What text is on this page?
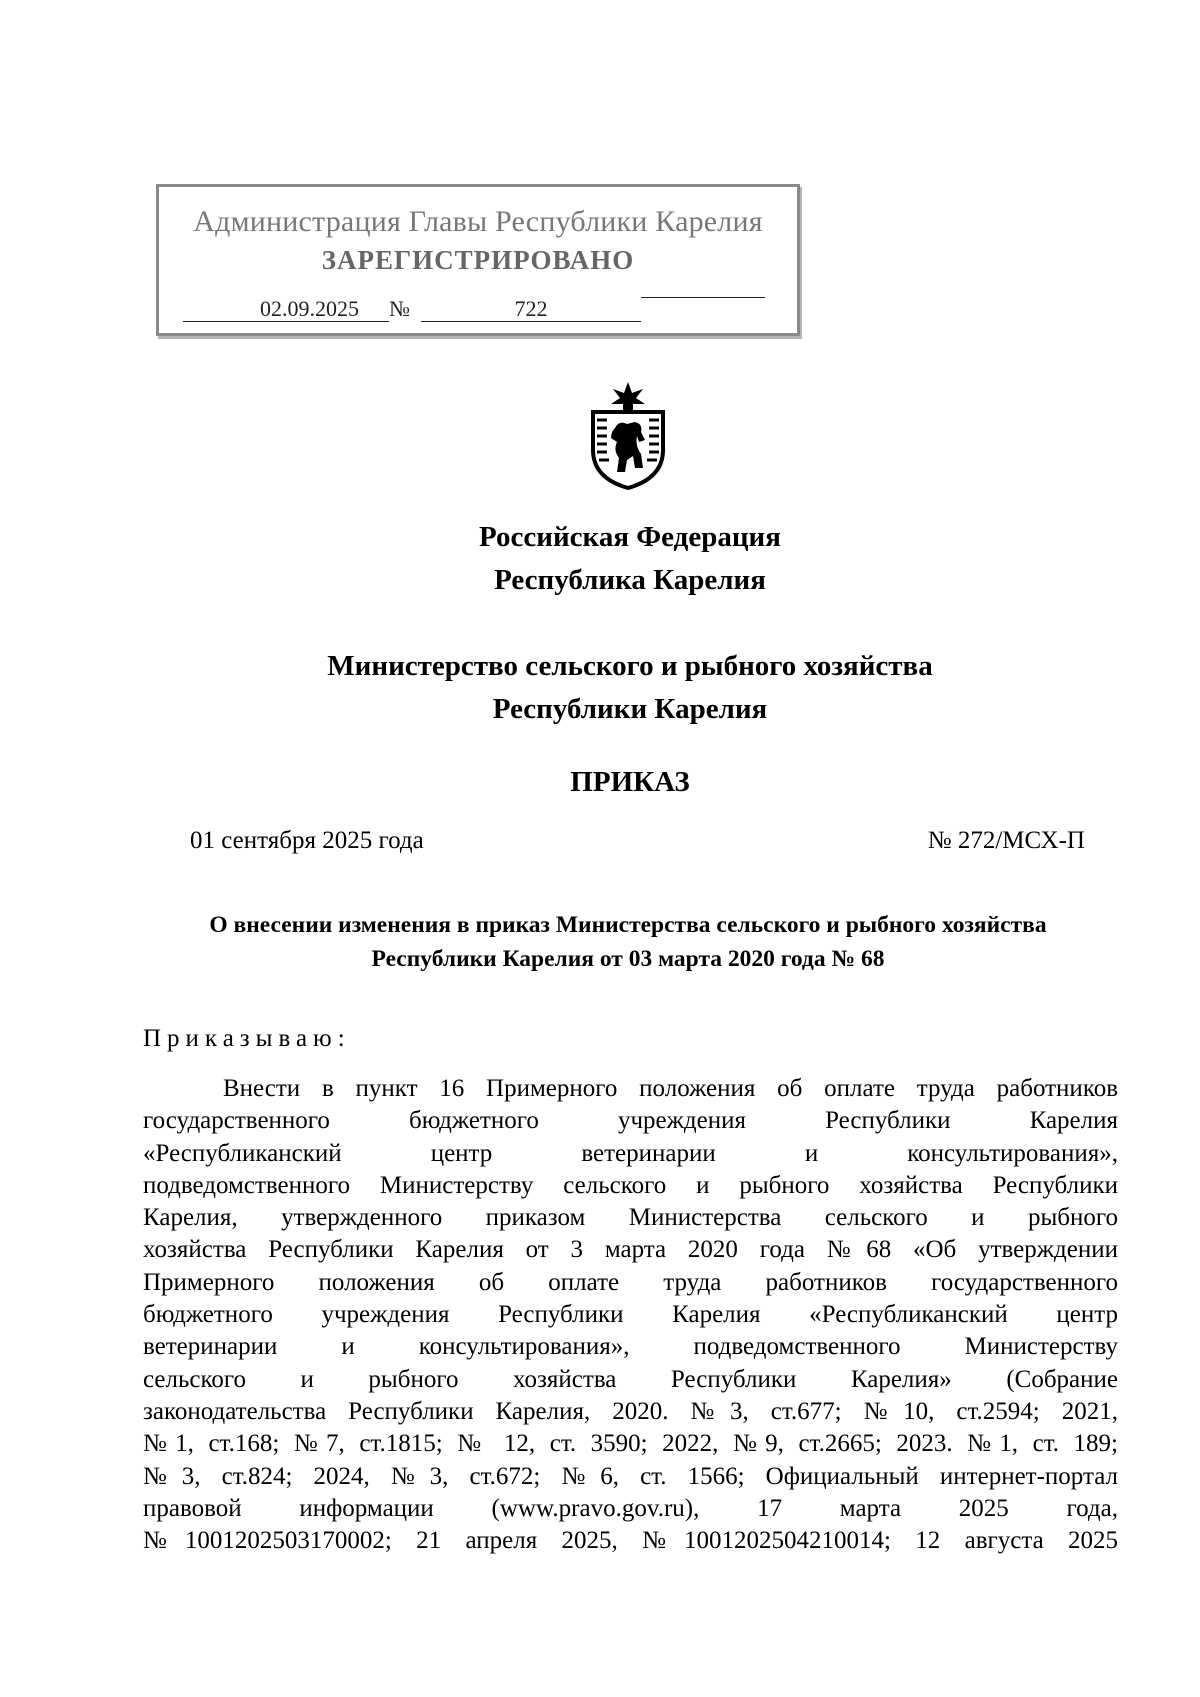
Администрация Главы Республики Карелия
ЗАРЕГИСТРИРОВАНО
02.09.2025	№	722
Российская Федерация
Республика Карелия
Министерство сельского и рыбного хозяйства
Республики Карелия
ПРИКАЗ
01 сентября 2025 года	№ 272/МСХ-П
О внесении изменения в приказ Министерства сельского и рыбного хозяйства
Республики Карелия от 03 марта 2020 года № 68
Приказываю:
Внести в пункт 16 Примерного положения об оплате труда работников
государственного бюджетного учреждения Республики Карелия
«Республиканский центр ветеринарии и консультирования»,
подведомственного Министерству сельского и рыбного хозяйства Республики
Карелия, утвержденного приказом Министерства сельского и рыбного
хозяйства Республики Карелия от 3 марта 2020 года №68 «Об утверждении
Примерного положения об оплате труда работников государственного
бюджетного учреждения Республики Карелия «Республиканский центр
ветеринарии и консультирования», подведомственного Министерству
сельского и рыбного хозяйства Республики Карелия» (Собрание
законодательства Республики Карелия, 2020. №3, ст.677; №10, ст.2594; 2021,
№1, ст.168; №7, ст.1815; № 12, ст. 3590; 2022, №9, ст.2665; 2023. №1, ст. 189;
№3, ст.824; 2024, №3, ст.672; №6, ст. 1566; Официальный интернет-портал
правовой информации (www.pravo.gov.ru), 17 марта 2025 года,
№1001202503170002; 21 апреля 2025, №1001202504210014; 12 августа 2025
